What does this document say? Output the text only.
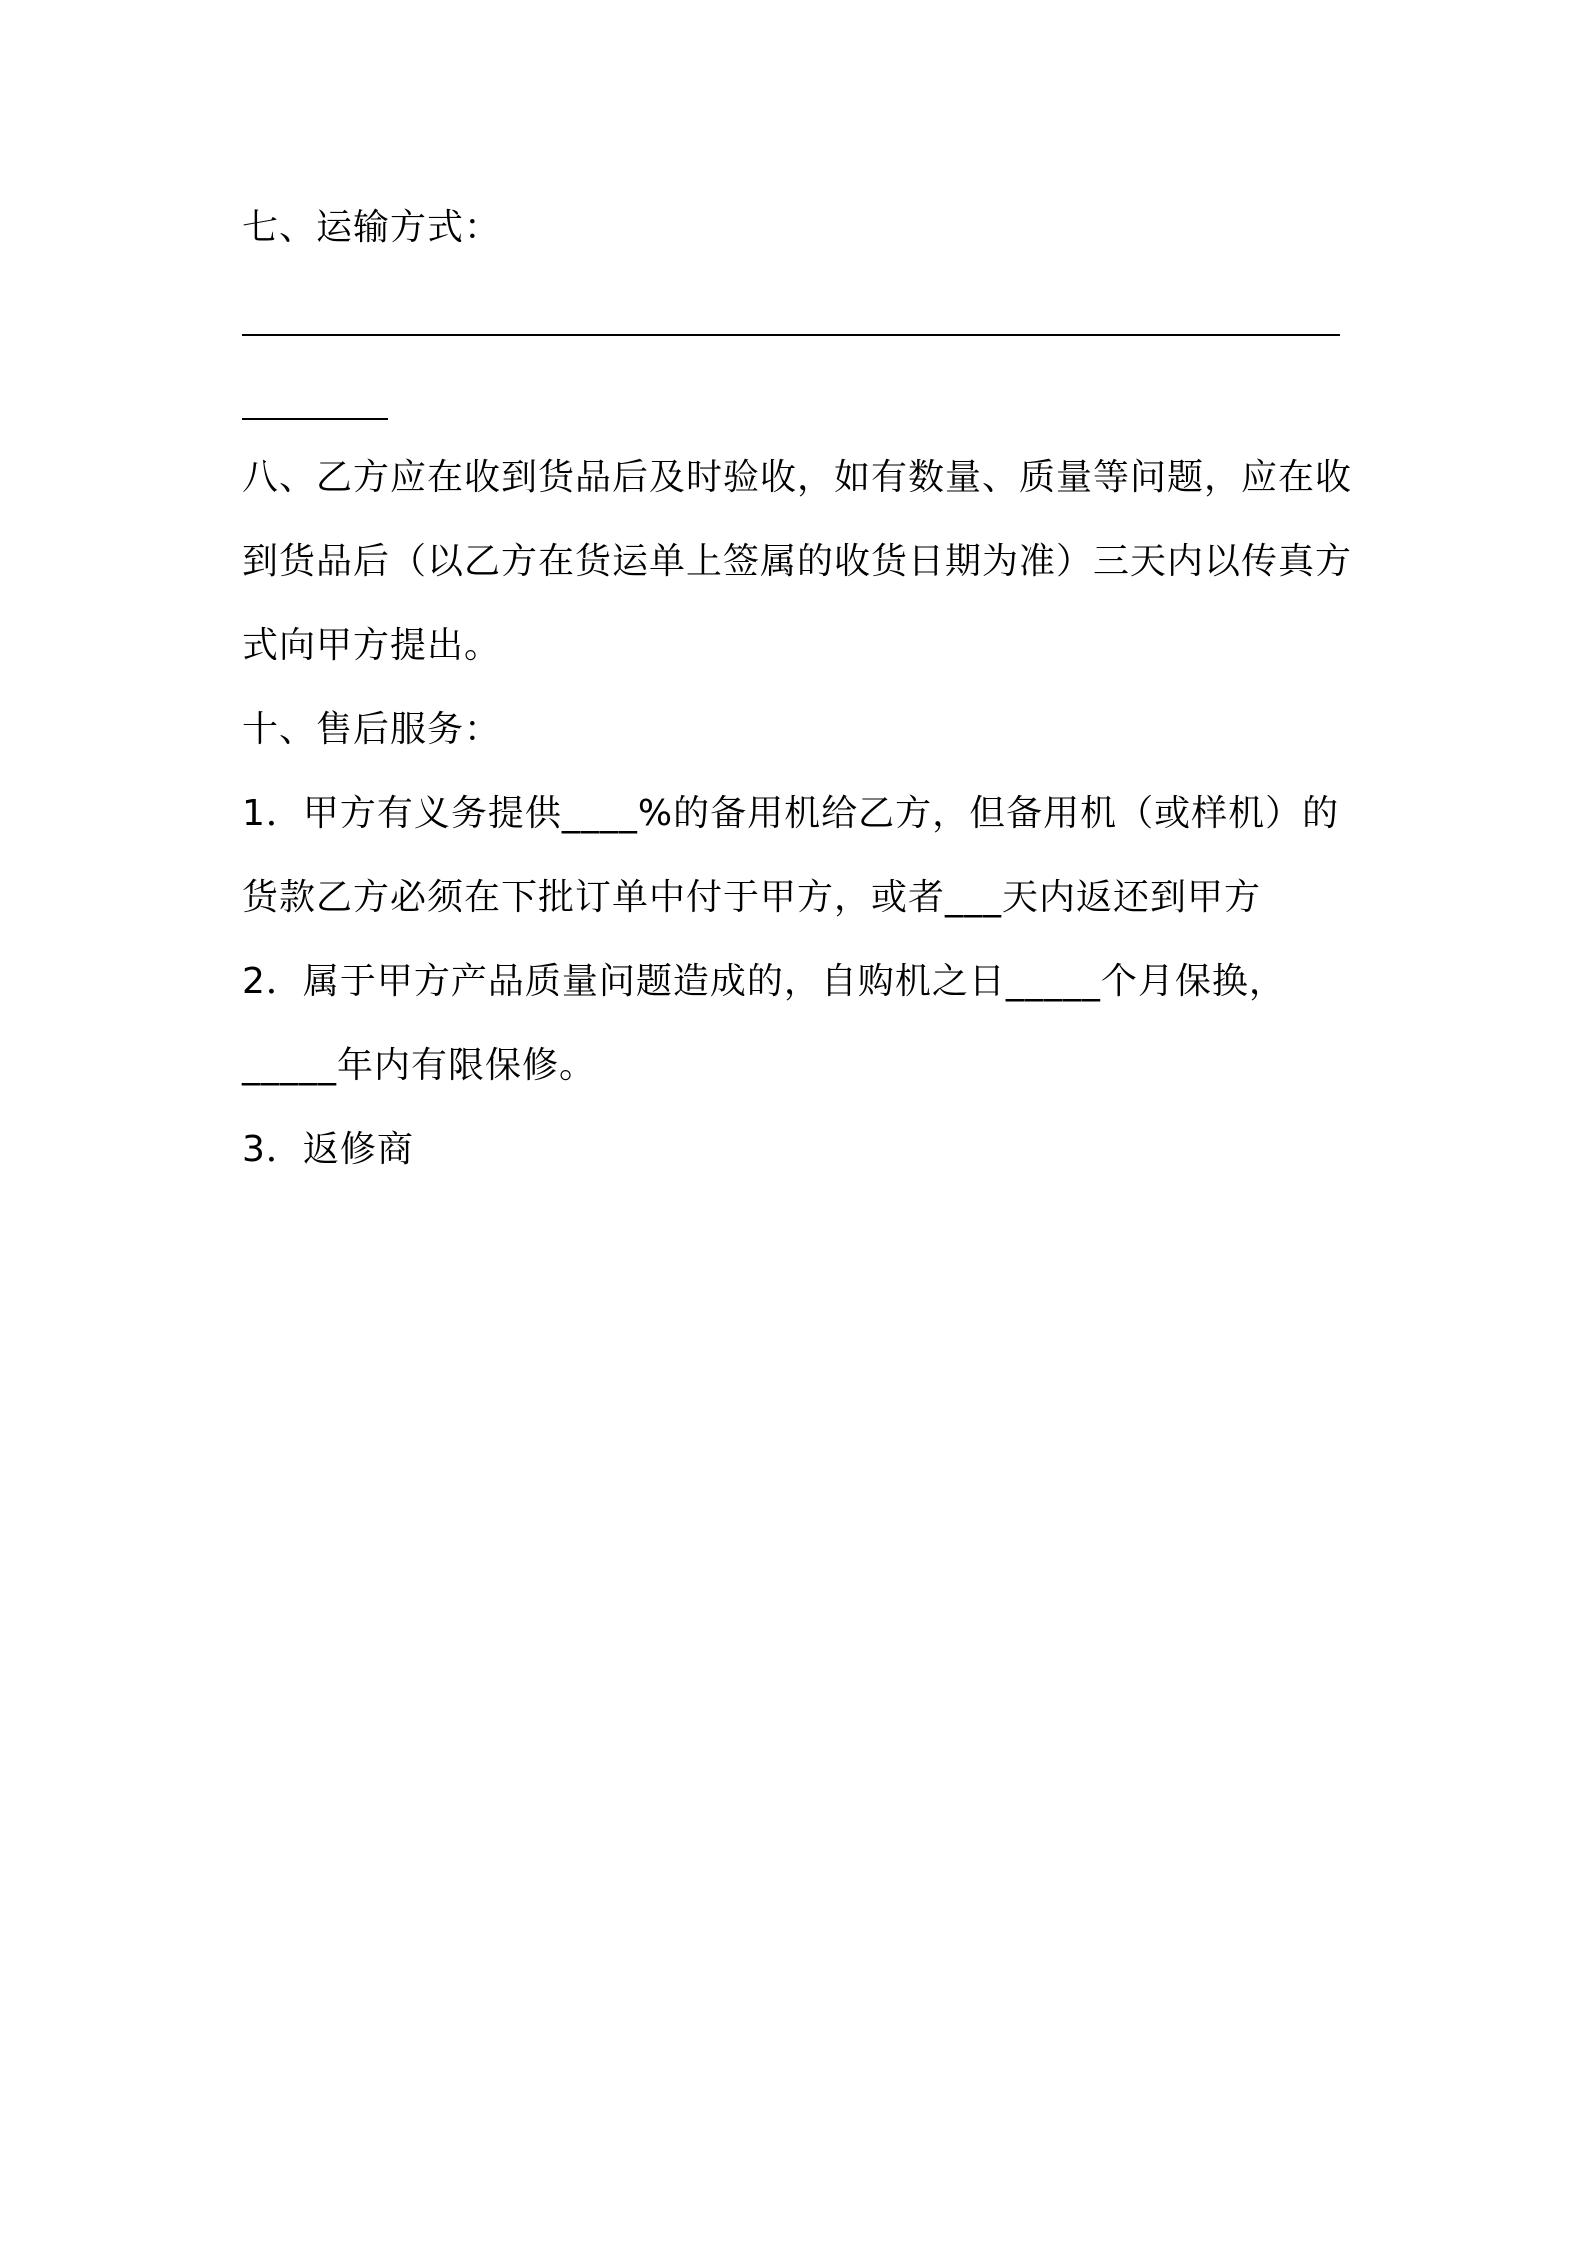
七、运输方式：
八、乙方应在收到货品后及时验收，如有数量、质量等问题，应在收
到货品后（以乙方在货运单上签属的收货日期为准）三天内以传真方
式向甲方提出。
十、售后服务：
1．甲方有义务提供____%的备用机给乙方，但备用机（或样机）的
货款乙方必须在下批订单中付于甲方，或者___天内返还到甲方
2．属于甲方产品质量问题造成的，自购机之日_____个月保换，
_____年内有限保修。
3．返修商
